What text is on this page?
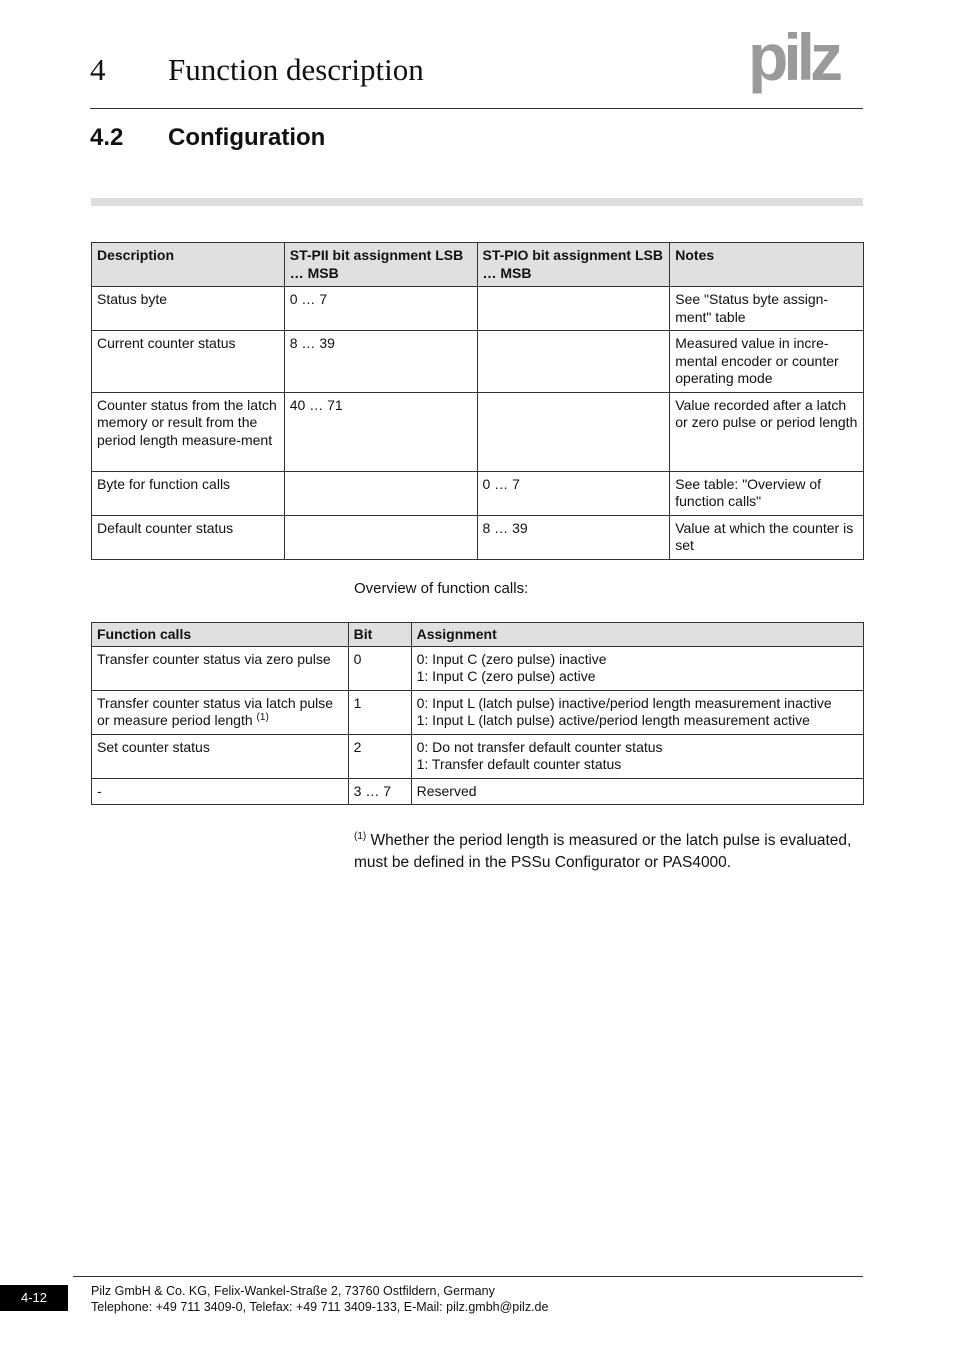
4 Function description	pilz
4.2 Configuration
Description	ST-PII bit assignment LSB … MSB	ST-PIO bit assignment LSB … MSB	Notes
Status byte	0 … 7		See "Status byte assign-ment" table
Current counter status	8 … 39		Measured value in incre-mental encoder or counter operating mode
Counter status from the latch memory or result from the period length measure-ment	40 … 71		Value recorded after a latch or zero pulse or period length
Byte for function calls		0 … 7	See table: "Overview of function calls"
Default counter status		8 … 39	Value at which the counter is set
Overview of function calls:
Function calls	Bit	Assignment
Transfer counter status via zero pulse	0	0: Input C (zero pulse) inactive
1: Input C (zero pulse) active

Transfer counter status via latch pulse or measure period length $^{(1)}$	1	0: Input L (latch pulse) inactive/period length measurement inactive
1: Input L (latch pulse) active/period length measurement active

Set counter status	2	0: Do not transfer default counter status
1: Transfer default counter status

-	3 … 7	Reserved
$^{(1)}$ Whether the period length is measured or the latch pulse is evaluated, must be defined in the PSSu Configurator or PAS4000.
4-12	Pilz GmbH & Co. KG, Felix-Wankel-Straße 2, 73760 Ostfildern, Germany
Telephone: +49 711 3409-0, Telefax: +49 711 3409-133, E-Mail: pilz.gmbh@pilz.de
